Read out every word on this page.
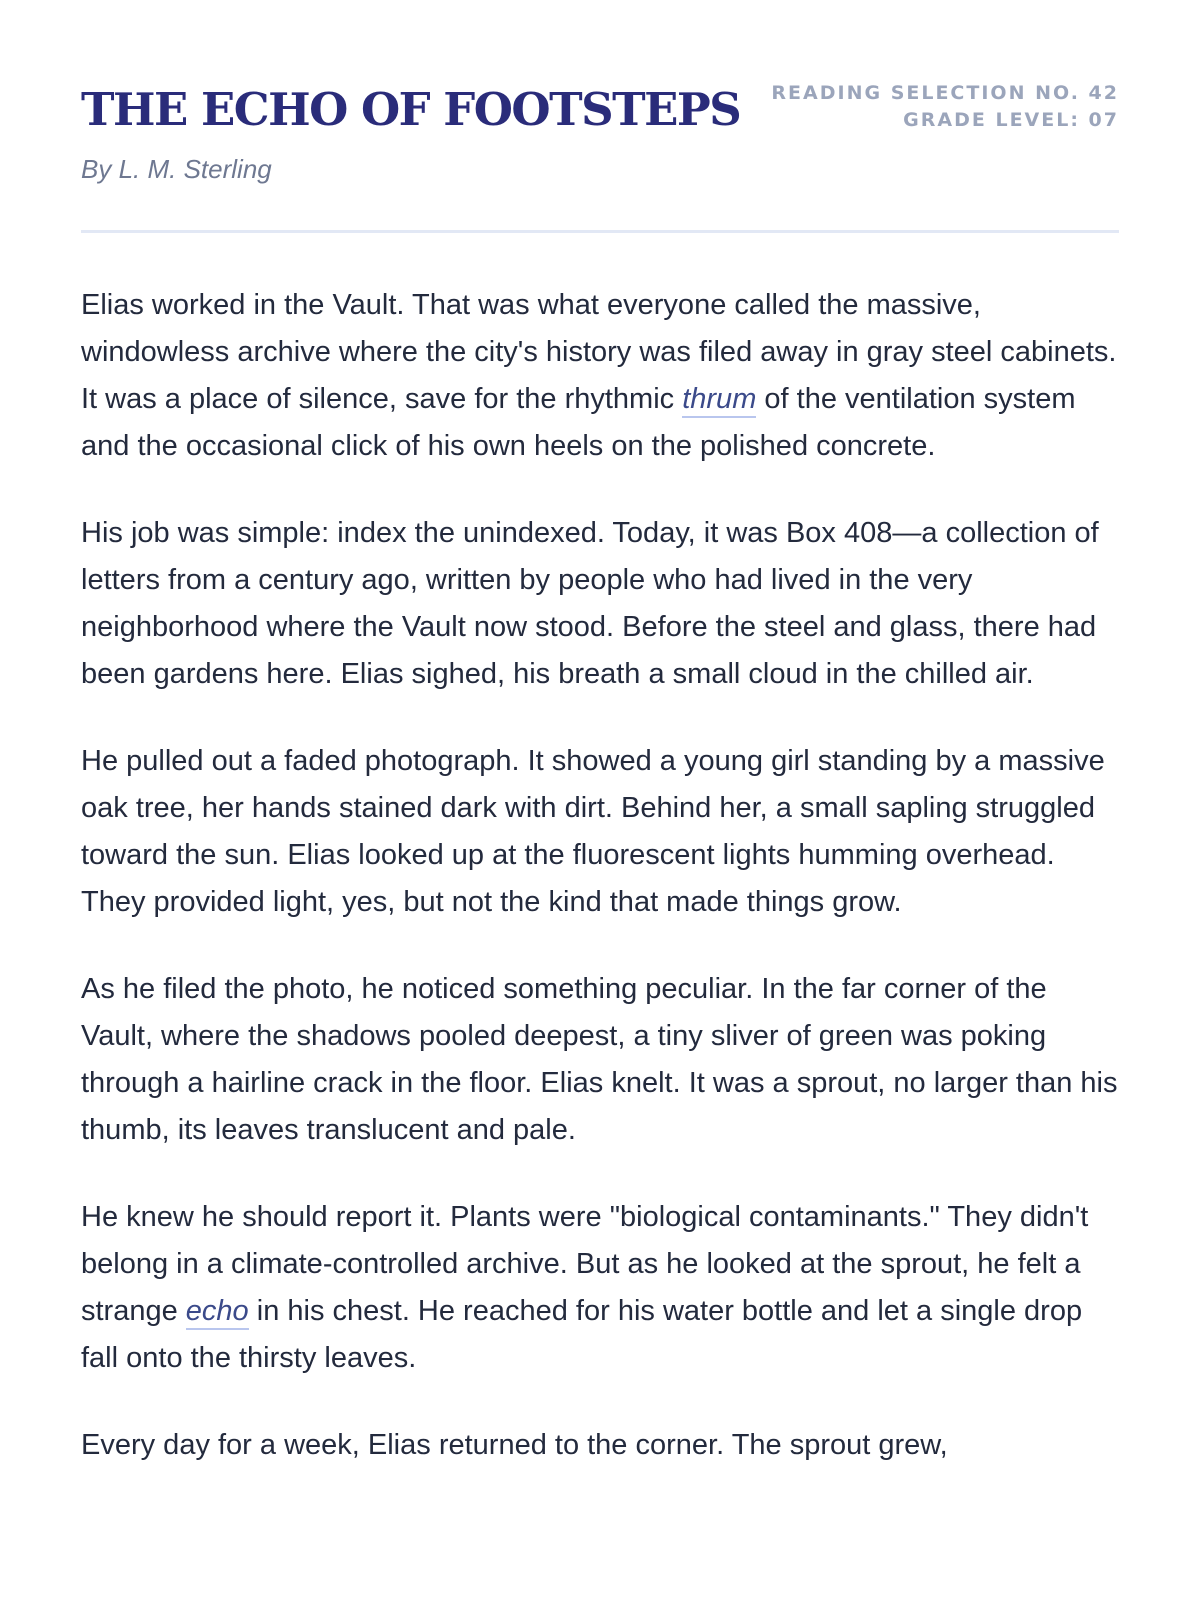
THE ECHO OF FOOTSTEPS

By L. M. Sterling

READING SELECTION NO. 42
GRADE LEVEL: 07

Elias worked in the Vault. That was what everyone called the massive, windowless archive where the city's history was filed away in gray steel cabinets. It was a place of silence, save for the rhythmic thrum of the ventilation system and the occasional click of his own heels on the polished concrete.

His job was simple: index the unindexed. Today, it was Box 408—a collection of letters from a century ago, written by people who had lived in the very neighborhood where the Vault now stood. Before the steel and glass, there had been gardens here. Elias sighed, his breath a small cloud in the chilled air.

He pulled out a faded photograph. It showed a young girl standing by a massive oak tree, her hands stained dark with dirt. Behind her, a small sapling struggled toward the sun. Elias looked up at the fluorescent lights humming overhead. They provided light, yes, but not the kind that made things grow.

As he filed the photo, he noticed something peculiar. In the far corner of the Vault, where the shadows pooled deepest, a tiny sliver of green was poking through a hairline crack in the floor. Elias knelt. It was a sprout, no larger than his thumb, its leaves translucent and pale.

He knew he should report it. Plants were "biological contaminants." They didn't belong in a climate-controlled archive. But as he looked at the sprout, he felt a strange echo in his chest. He reached for his water bottle and let a single drop fall onto the thirsty leaves.

Every day for a week, Elias returned to the corner. The sprout grew,
